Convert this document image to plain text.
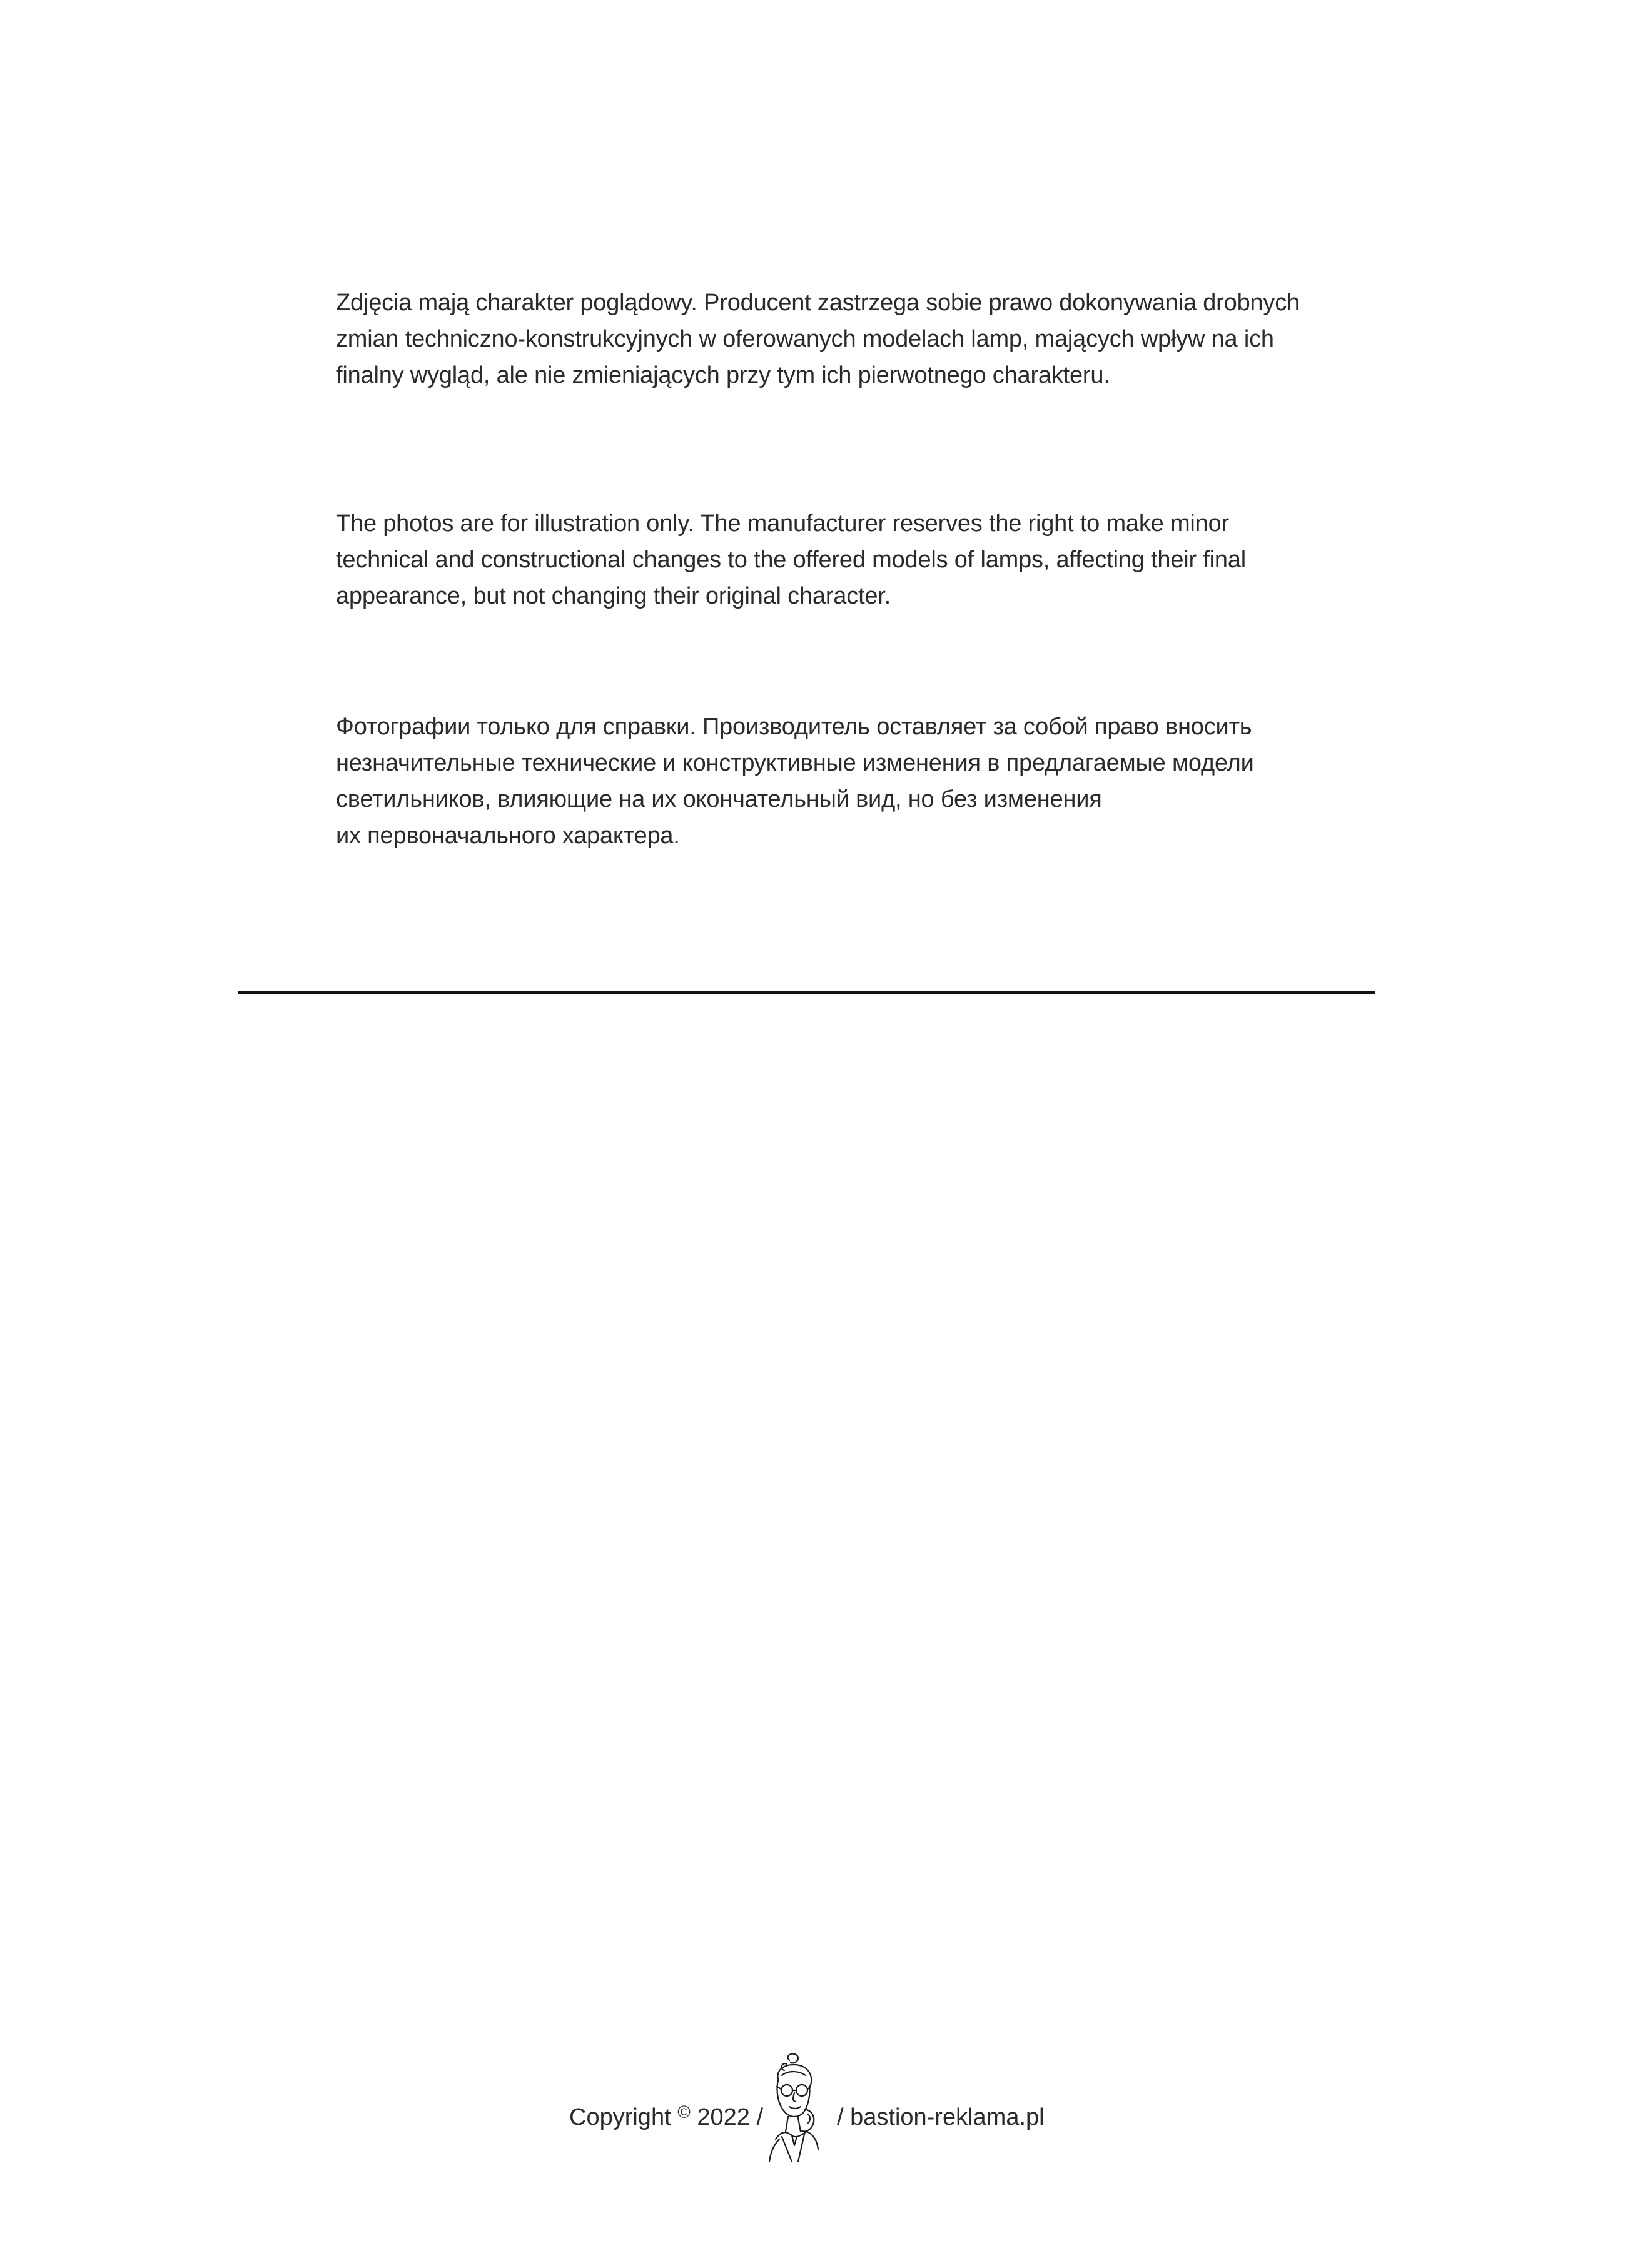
Zdjęcia mają charakter poglądowy. Producent zastrzega sobie prawo dokonywania drobnych
zmian techniczno-konstrukcyjnych w oferowanych modelach lamp, mających wpływ na ich
finalny wygląd, ale nie zmieniających przy tym ich pierwotnego charakteru.

The photos are for illustration only. The manufacturer reserves the right to make minor
technical and constructional changes to the offered models of lamps, affecting their final
appearance, but not changing their original character.

Фотографии только для справки. Производитель оставляет за собой право вносить
незначительные технические и конструктивные изменения в предлагаемые модели
светильников, влияющие на их окончательный вид, но без изменения
их первоначального характера.

Copyright © 2022 /	/ bastion-reklama.pl
